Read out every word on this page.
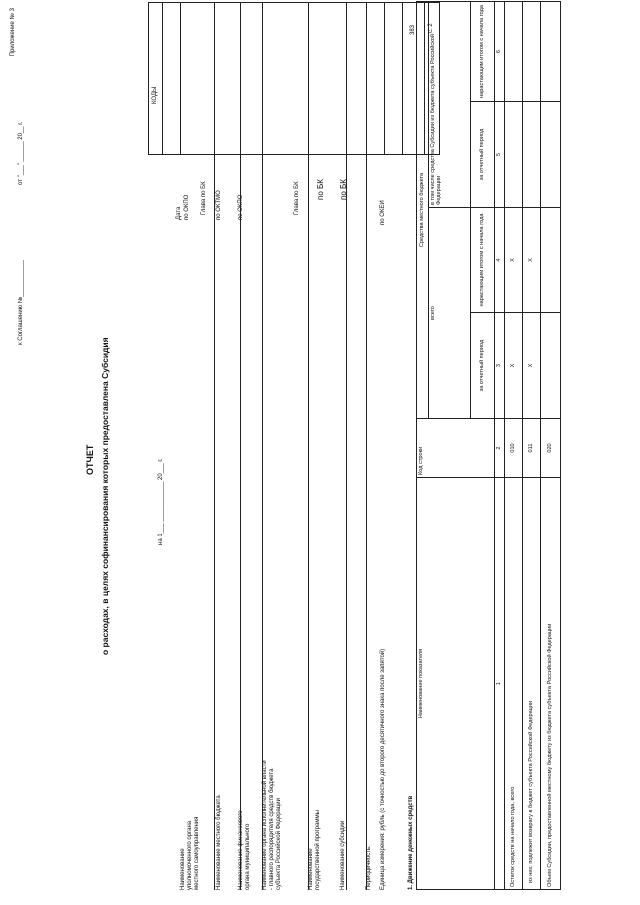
Приложение № 3
к Соглашению №___________
от "___" ______ 20__ г.
ОТЧЕТ о расходах, в целях софинансирования которых предоставлена Субсидия	на 1___ ____________ 20___ г.
КОДЫ
Дата по ОКПО
383 с. 2
Наименование уполномоченного органа местного самоуправления
Глава по БК
Наименование местного бюджета
по ОКТМО
Наименование финансового органа муниципального
по ОКПО
Наименование органа исполнительной власти - главного распорядителя средств бюджета субъекта Российской Федерации
Глава по БК
Наименование государственной программы
по БК
Наименование субсидии
по БК
Периодичность: Единица измерения: рубль (с точностью до второго десятичного знака после запятой)
по ОКЕИ
1. Движение денежных средств
Наименование показателя	Код строки	Средства местного бюджета			
		всего		в том числе средства Субсидии из бюджета субъекта Российской Федерации	
		за отчетный период	нарастающим итогом с начала года	за отчетный период	нарастающим итогом с начала года
1	2	3	4	5	6
Остаток средств на начало года, всего	010	X	X		
из них: подлежит возврату в бюджет субъекта Российской Федерации	011	X	X		
Объем Субсидии, предоставленной местному бюджету из бюджета субъекта Российской Федерации	020				
